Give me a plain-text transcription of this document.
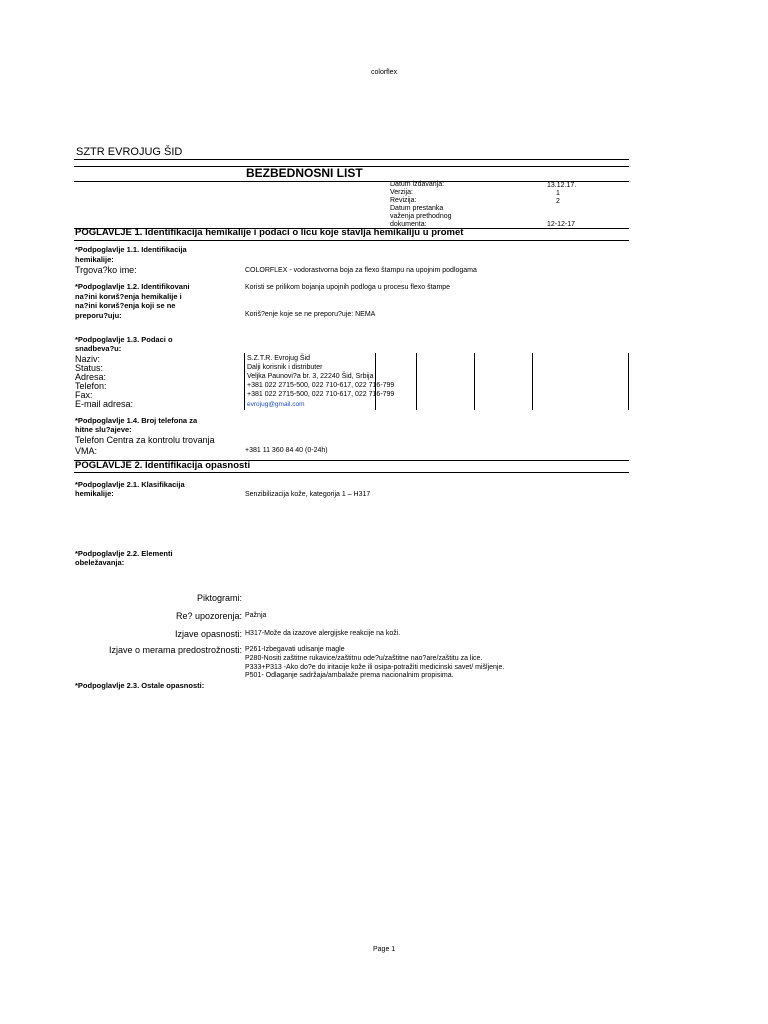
colorflex
SZTR EVROJUG ŠID
BEZBEDNOSNI LIST
Datum izdavanja:	13.12.17.
Verzija:	1
Revizija:	2
Datum prestanka
važenja prethodnog
dokumenta:	12-12-17
POGLAVLJE 1. Identifikacija hemikalije i podaci o licu koje stavlja hemikaliju u promet
*Podpoglavlje 1.1. Identifikacija
hemikalije:
Trgova?ko ime:	COLORFLEX - vodorastvorna boja za flexo štampu na upojnim podlogama
*Podpoglavlje 1.2. Identifikovani
na?ini korиš?enja hemikalije i
na?ini korиš?enja koji se ne
preporu?uju:
Koristi se prilikom bojanja upojnih podloga u procesu flexo štampe
Koriš?enje koje se ne preporu?uje: NEMA
*Podpoglavlje 1.3. Podaci o
snadbeva?u:
Naziv:	S.Z.T.R. Evrojug Šid
Status:	Dalji korisnik i distributer
Adresa:	Veljka Paunovi?a br. 3, 22240 Šid, Srbija
Telefon:	+381 022 2715-500, 022 710-617, 022 716-799
Fax:	+381 022 2715-500, 022 710-617, 022 716-799
E-mail adresa:	evrojug@gmail.com
*Podpoglavlje 1.4. Broj telefona za
hitne slu?ajeve:
Telefon Centra za kontrolu trovanja
VMA:	+381 11 360 84 40 (0-24h)
POGLAVLJE 2. Identifikacija opasnosti
*Podpoglavlje 2.1. Klasifikacija
hemikalije:	Senzibilizacija kože, kategorija 1 – H317
*Podpoglavlje 2.2. Elementi
obeležavanja:
Piktogrami:
Re? upozorenja: Pažnja
Izjave opasnosti: H317-Može da izazove alergijske reakcije na koži.
Izjave o merama predostrožnosti: P261-Izbegavati udisanje magle
P280-Nositi zaštitne rukavice/zaštitnu ode?u/zaštitne nao?are/zaštitu za lice.
P333+P313 -Ako do?e do iritacije kože ili osipa-potražiti medicinski savet/ mišljenje.
P501- Odlaganje sadržaja/ambalaže prema nacionalnim propisima.
*Podpoglavlje 2.3. Ostale opasnosti:
Page 1
